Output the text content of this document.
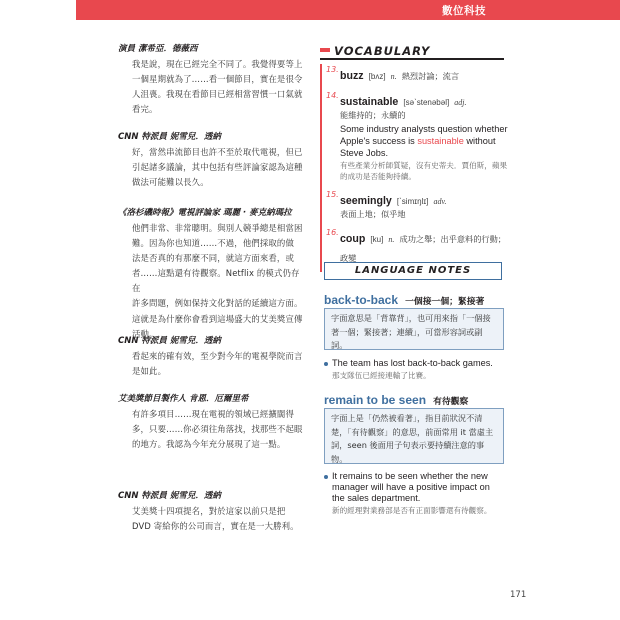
數位科技
演員 潔希亞．德薇西
我是說，現在已經完全不同了。我覺得要等上
一個星期就為了……看一個節目，實在是很令
人沮喪。我現在看節目已經相當習慣一口氣就
看完。
CNN 特派員 妮雪兒．透納
好，當然串流節目也許不至於取代電視，但已
引起諸多議論，其中包括有些評論家認為這種
做法可能難以長久。
《洛杉磯時報》電視評論家 瑪麗 · 麥克納瑪拉
他們非常、非常聰明。與別人競爭總是相當困
難。因為你也知道……不過，他們採取的做
法是否真的有那麼不同，就這方面來看，或
者……這點還有待觀察。Netflix 的模式仍存在
許多問題，例如保持文化對話的延續這方面。
這就是為什麼你會看到這場盛大的艾美獎宣傳
活動。
CNN 特派員 妮雪兒．透納
看起來的確有效，至少對今年的電視學院而言
是如此。
艾美獎節目製作人 肯恩．厄爾里希
有許多項目……現在電視的領域已經擴闊得
多，只要……你必須往角落找，找那些不起眼
的地方。我認為今年充分展現了這一點。
CNN 特派員 妮雪兒．透納
艾美獎十四項提名，對於這家以前只是把
DVD 寄給你的公司而言，實在是一大勝利。
VOCABULARY
13.
buzz [bʌz] n. 熱烈討論；流言
14.
sustainable [səˋstenəbəl] adj.
能維持的；永續的
Some industry analysts question whether Apple's success is sustainable without Steve Jobs.
有些產業分析師質疑，沒有史蒂夫．賈伯斯，蘋果的成功是否能夠持續。
15.
seemingly [ˋsimɪŋlɪ] adv.
表面上地；似乎地
16.
coup [ku] n. 成功之舉；出乎意料的行動；政變
LANGUAGE NOTES
back-to-back 一個接一個；緊接著
字面意思是「背靠背」，也可用來指「一個接著一個；緊接著；連續」，可當形容詞或副詞。
The team has lost back-to-back games.
那支隊伍已經接連輸了比賽。
remain to be seen 有待觀察
字面上是「仍然被看著」，指目前狀況不清楚，「有待觀察」的意思，前面常用 it 當虛主詞，seen 後面用子句表示要持續注意的事物。
It remains to be seen whether the new manager will have a positive impact on the sales department.
新的經理對業務部是否有正面影響還有待觀察。
171
